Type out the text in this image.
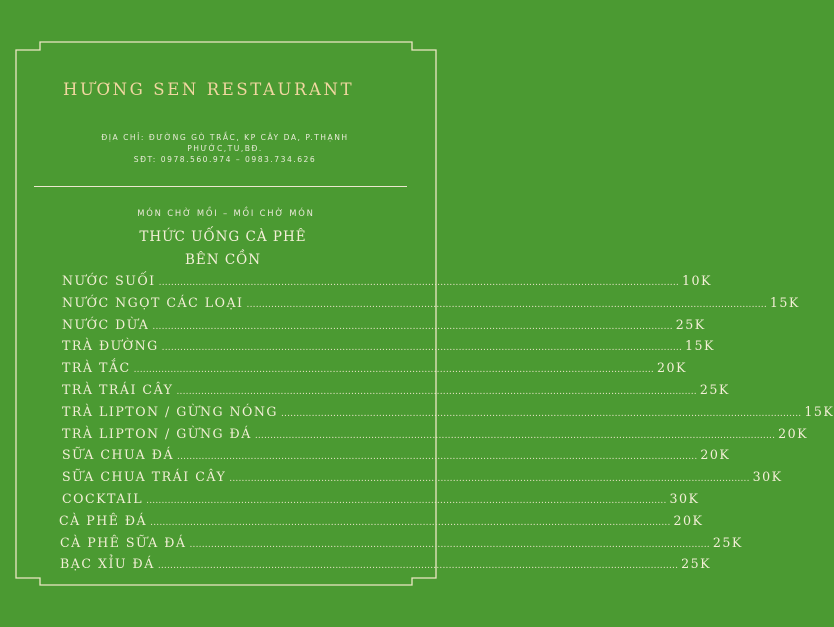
HƯƠNG SEN RESTAURANT
ĐỊA CHỈ: ĐƯỜNG GÒ TRẮC, KP CÂY DA, P.THẠNH
PHƯỚC,TU,BĐ.
SĐT: 0978.560.974 – 0983.734.626
MÓN CHỜ MỒI – MỒI CHỜ MÓN
THỨC UỐNG CÀ PHÊ
BÊN CỒN
NƯỚC SUỐI .......................................................................................................................................................................... 10K
NƯỚC NGỌT CÁC LOẠI .......................................................................................................................................................................... 15K
NƯỚC DỪA .......................................................................................................................................................................... 25K
TRÀ ĐƯỜNG .......................................................................................................................................................................... 15K
TRÀ TẮC .......................................................................................................................................................................... 20K
TRÀ TRÁI CÂY .......................................................................................................................................................................... 25K
TRÀ LIPTON / GỪNG NÓNG .......................................................................................................................................................................... 15K
TRÀ LIPTON / GỪNG ĐÁ .......................................................................................................................................................................... 20K
SỮA CHUA ĐÁ .......................................................................................................................................................................... 20K
SỮA CHUA TRÁI CÂY .......................................................................................................................................................................... 30K
COCKTAIL .......................................................................................................................................................................... 30K
CÀ PHÊ ĐÁ .......................................................................................................................................................................... 20K
CÀ PHÊ SỮA ĐÁ .......................................................................................................................................................................... 25K
BẠC XỈU ĐÁ .......................................................................................................................................................................... 25K
